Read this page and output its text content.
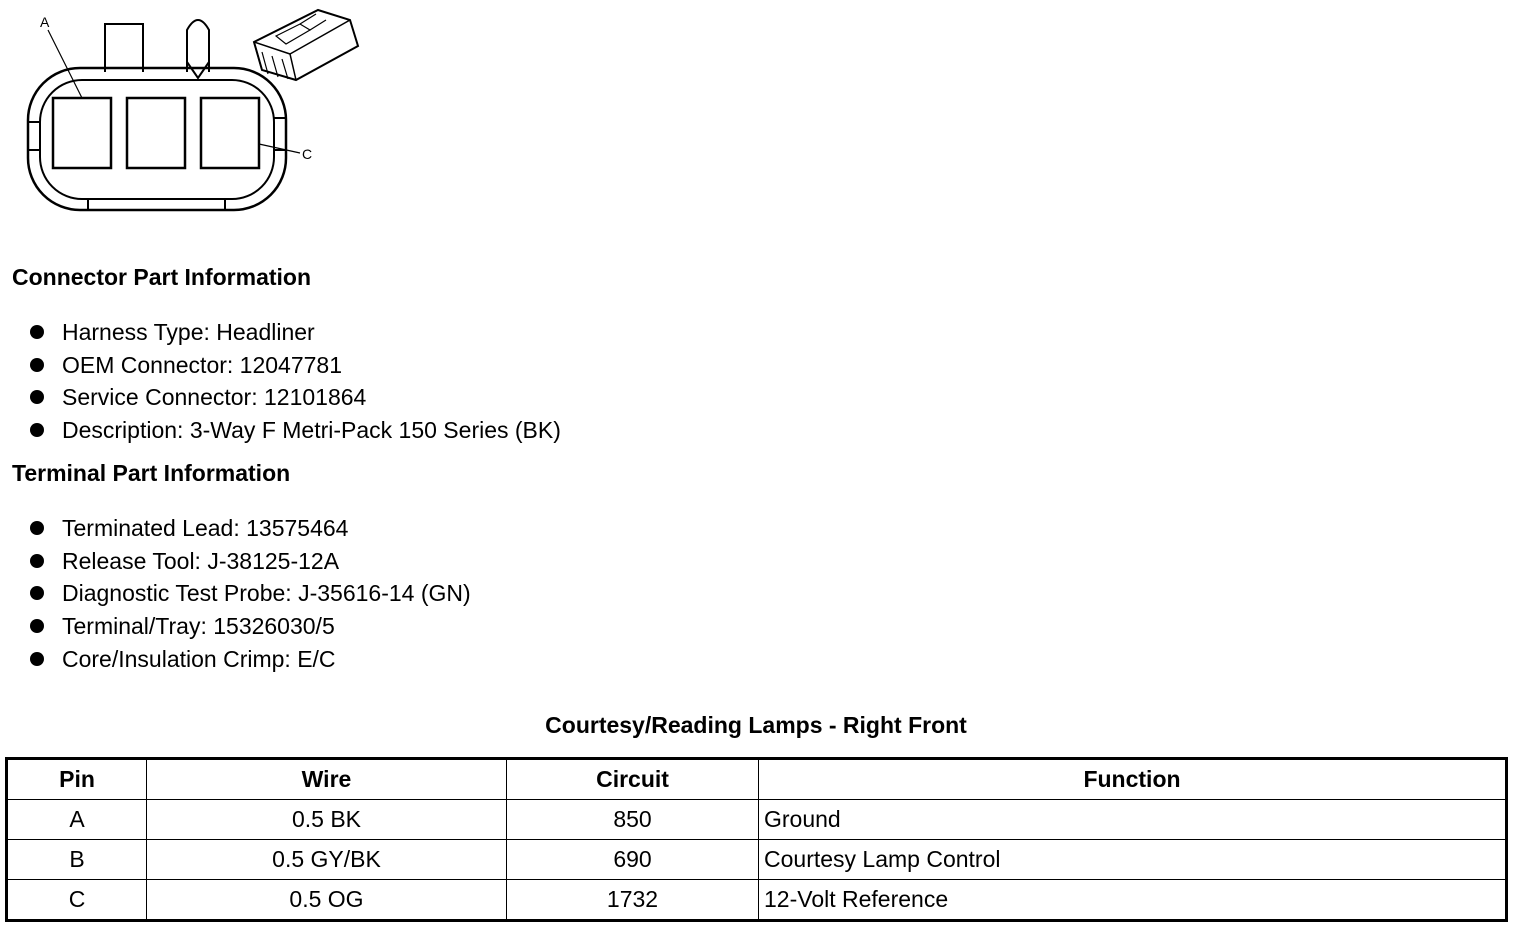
A
C
Connector Part Information
Harness Type: Headliner
OEM Connector: 12047781
Service Connector: 12101864
Description: 3-Way F Metri-Pack 150 Series (BK)
Terminal Part Information
Terminated Lead: 13575464
Release Tool: J-38125-12A
Diagnostic Test Probe: J-35616-14 (GN)
Terminal/Tray: 15326030/5
Core/Insulation Crimp: E/C
Courtesy/Reading Lamps - Right Front
Pin	Wire	Circuit	Function
A	0.5 BK	850	Ground
B	0.5 GY/BK	690	Courtesy Lamp Control
C	0.5 OG	1732	12-Volt Reference
